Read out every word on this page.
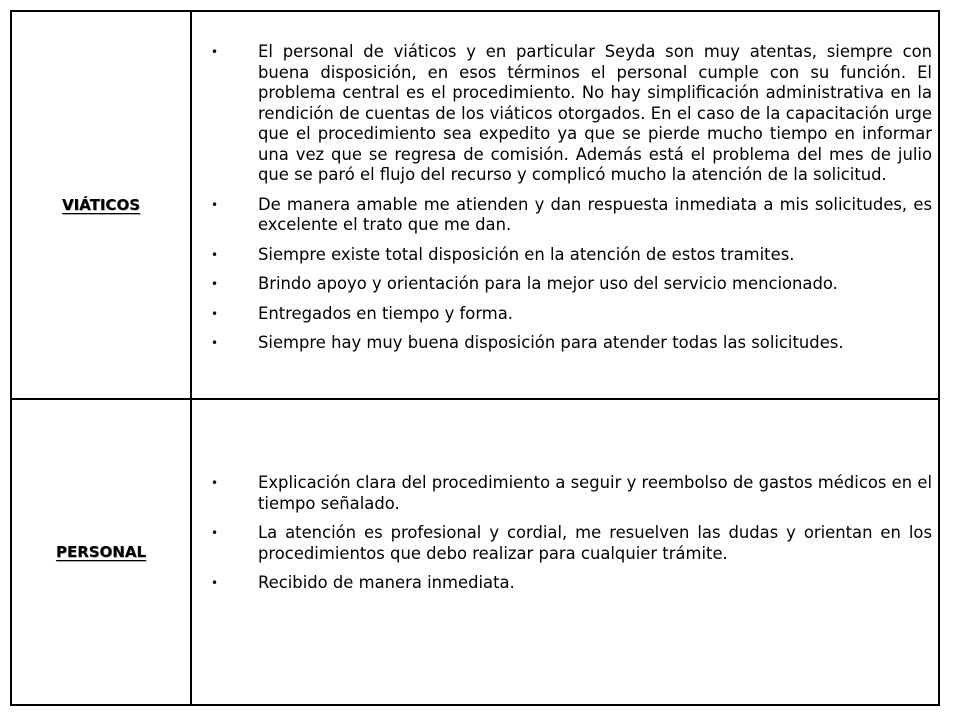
VIÁTICOS
• El personal de viáticos y en particular Seyda son muy atentas, siempre con buena disposición, en esos términos el personal cumple con su función. El problema central es el procedimiento. No hay simplificación administrativa en la rendición de cuentas de los viáticos otorgados. En el caso de la capacitación urge que el procedimiento sea expedito ya que se pierde mucho tiempo en informar una vez que se regresa de comisión. Además está el problema del mes de julio que se paró el flujo del recurso y complicó mucho la atención de la solicitud.
• De manera amable me atienden y dan respuesta inmediata a mis solicitudes, es excelente el trato que me dan.
• Siempre existe total disposición en la atención de estos tramites.
• Brindo apoyo y orientación para la mejor uso del servicio mencionado.
• Entregados en tiempo y forma.
• Siempre hay muy buena disposición para atender todas las solicitudes.
PERSONAL
• Explicación clara del procedimiento a seguir y reembolso de gastos médicos en el tiempo señalado.
• La atención es profesional y cordial, me resuelven las dudas y orientan en los procedimientos que debo realizar para cualquier trámite.
• Recibido de manera inmediata.
